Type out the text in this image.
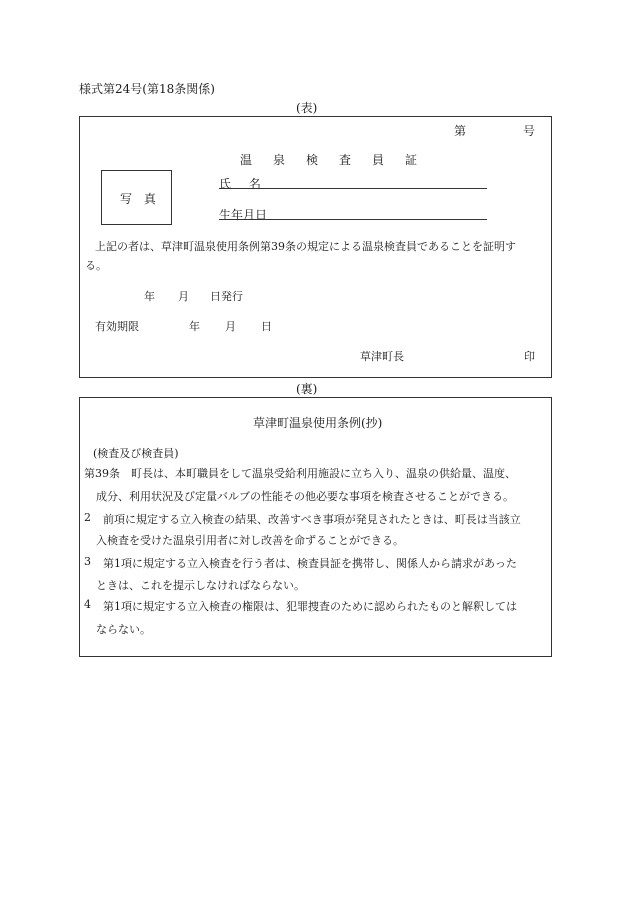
様式第24号(第18条関係)
(表)
第	号
温泉検査員証
写 真
氏 名
生年月日
上記の者は、草津町温泉使用条例第39条の規定による温泉検査員であることを証明す
る。
年 月 日発行
有効期限	年 月 日
草津町長	印
(裏)
草津町温泉使用条例(抄)
(検査及び検査員)
第39条 町長は、本町職員をして温泉受給利用施設に立ち入り、温泉の供給量、温度、
成分、利用状況及び定量バルブの性能その他必要な事項を検査させることができる。
2 前項に規定する立入検査の結果、改善すべき事項が発見されたときは、町長は当該立
入検査を受けた温泉引用者に対し改善を命ずることができる。
3 第1項に規定する立入検査を行う者は、検査員証を携帯し、関係人から請求があった
ときは、これを提示しなければならない。
4 第1項に規定する立入検査の権限は、犯罪捜査のために認められたものと解釈しては
ならない。
